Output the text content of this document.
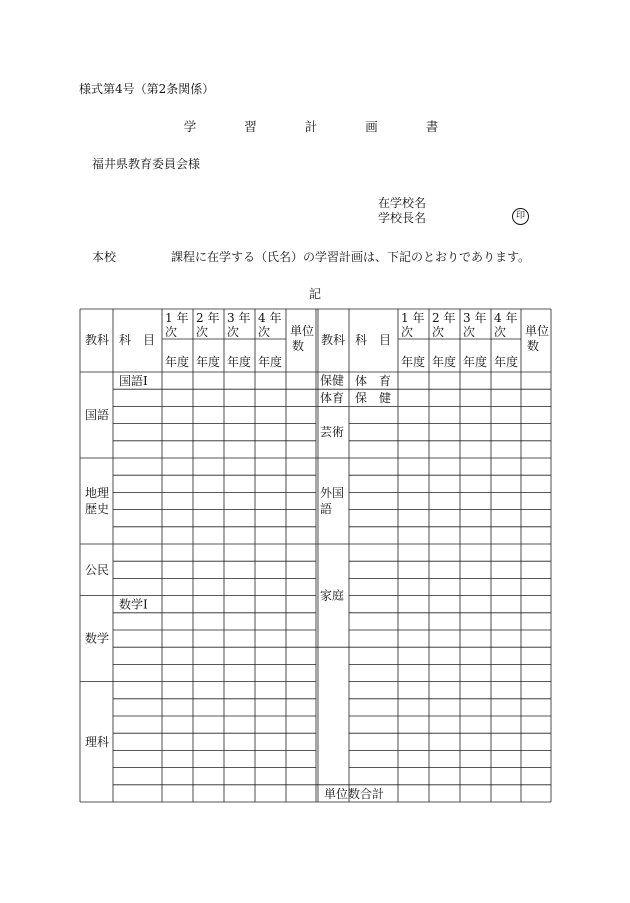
様式第4号（第2条関係）
学 習 計 画 書
福井県教育委員会様
在学校名
学校長名	印
本校	課程に在学する（氏名）の学習計画は、下記のとおりであります。
記
教科 科　目
1 年
次
年度
2 年
次
年度
3 年
次
年度
4 年
次
年度
単位
数 教科 科　目
1 年
次
年度
2 年
次
年度
3 年
次
年度
4 年
次
年度
単位
数
国語
国語Ⅰ
地理
歴史
公民
数学
数学Ⅰ
理科
保健 体　育
体育 保　健
芸術
外国
語
家庭
単位数合計
